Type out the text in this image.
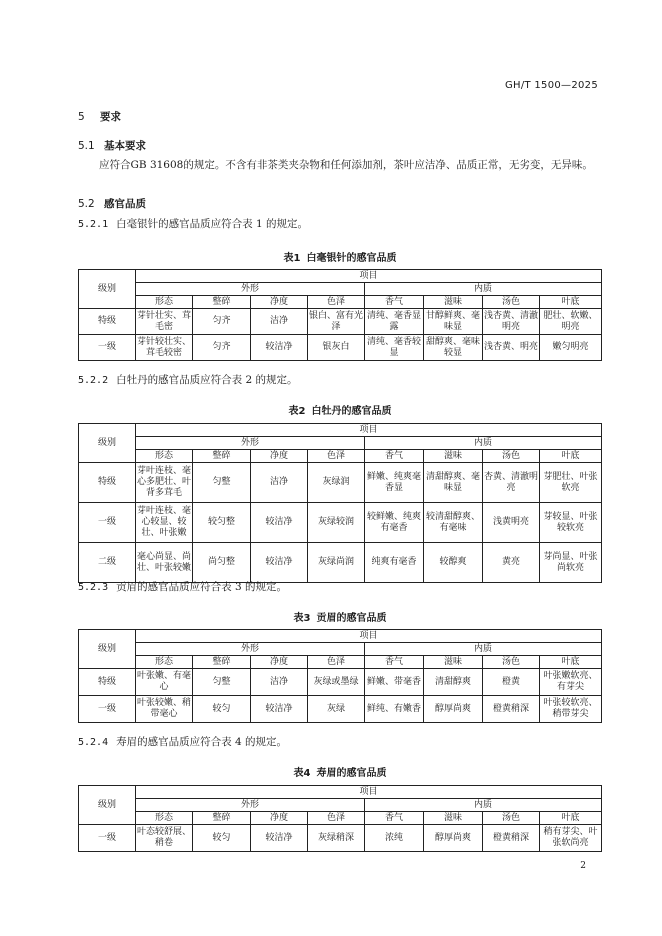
GH/T 1500—2025
5 要求
5.1 基本要求
应符合GB 31608的规定。不含有非茶类夹杂物和任何添加剂，茶叶应洁净、品质正常，无劣变，无异味。
5.2 感官品质
5.2.1 白毫银针的感官品质应符合表 1 的规定。
表1 白毫银针的感官品质
级别	项目							
	外形				内质			
	形态	整碎	净度	色泽	香气	滋味	汤色	叶底
特级	芽针壮实、茸毛密	匀齐	洁净	银白、富有光泽	清纯、毫香显露	甘醇鲜爽、毫味显	浅杏黄、清澈明亮	肥壮、软嫩、明亮
一级	芽针较壮实、茸毛较密	匀齐	较洁净	银灰白	清纯、毫香较显	甜醇爽、毫味较显	浅杏黄、明亮	嫩匀明亮
5.2.2 白牡丹的感官品质应符合表 2 的规定。
表2 白牡丹的感官品质
级别	项目							
	外形				内质			
	形态	整碎	净度	色泽	香气	滋味	汤色	叶底
特级	芽叶连枝、毫心多肥壮、叶背多茸毛	匀整	洁净	灰绿润	鲜嫩、纯爽毫香显	清甜醇爽、毫味显	杏黄、清澈明亮	芽肥壮、叶张软亮
一级	芽叶连枝、毫心较显、较壮、叶张嫩	较匀整	较洁净	灰绿较润	较鲜嫩、纯爽有毫香	较清甜醇爽、有毫味	浅黄明亮	芽较显、叶张较软亮
二级	毫心尚显、尚壮、叶张较嫩	尚匀整	较洁净	灰绿尚润	纯爽有毫香	较醇爽	黄亮	芽尚显、叶张尚软亮
5.2.3 贡眉的感官品质应符合表 3 的规定。
表3 贡眉的感官品质
级别	项目							
	外形				内质			
	形态	整碎	净度	色泽	香气	滋味	汤色	叶底
特级	叶张嫩、有毫心	匀整	洁净	灰绿或墨绿	鲜嫩、带毫香	清甜醇爽	橙黄	叶张嫩软亮、有芽尖
一级	叶张较嫩、稍带毫心	较匀	较洁净	灰绿	鲜纯、有嫩香	醇厚尚爽	橙黄稍深	叶张较软亮、稍带芽尖
5.2.4 寿眉的感官品质应符合表 4 的规定。
表4 寿眉的感官品质
级别	项目							
	外形				内质			
	形态	整碎	净度	色泽	香气	滋味	汤色	叶底
一级	叶态较舒展、稍卷	较匀	较洁净	灰绿稍深	浓纯	醇厚尚爽	橙黄稍深	稍有芽尖、叶张软尚亮
2
